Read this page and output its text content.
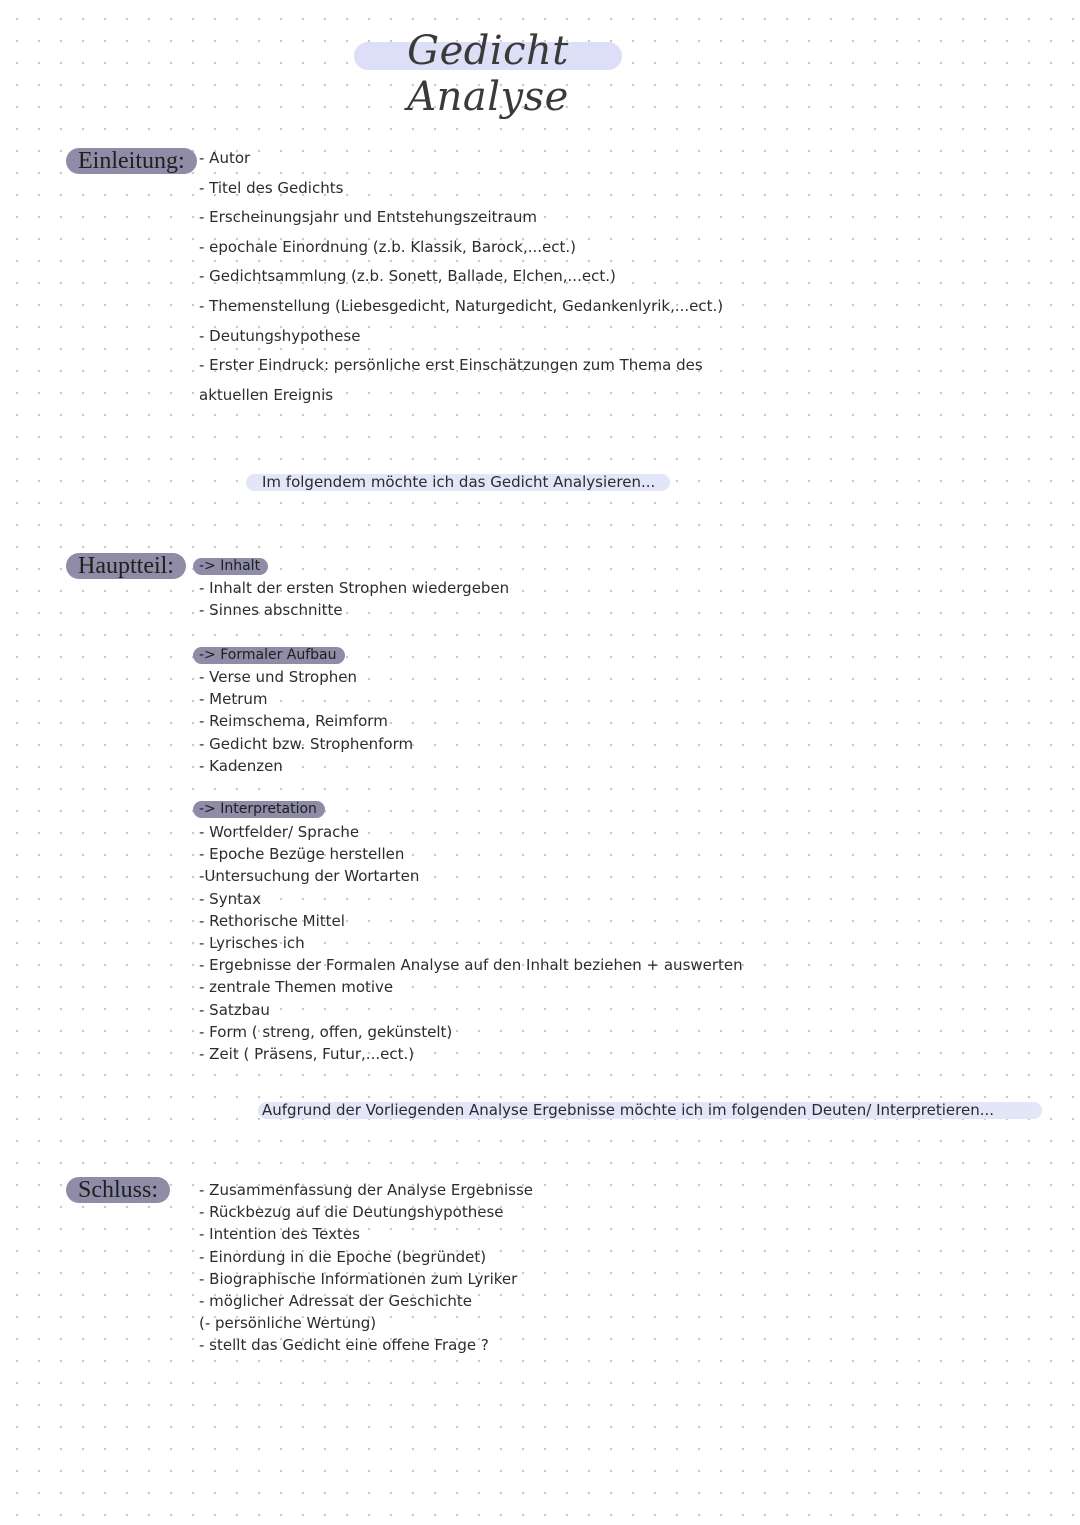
Gedicht Analyse
Einleitung: - Autor
- Titel des Gedichts
- Erscheinungsjahr und Entstehungszeitraum
- epochale Einordnung (z.b. Klassik, Barock,...ect.)
- Gedichtsammlung (z.b. Sonett, Ballade, Elchen,...ect.)
- Themenstellung (Liebesgedicht, Naturgedicht, Gedankenlyrik,...ect.)
- Deutungshypothese
- Erster Eindruck: persönliche erst Einschätzungen zum Thema des
aktuellen Ereignis
Im folgendem möchte ich das Gedicht Analysieren...
Hauptteil:	-> Inhalt
- Inhalt der ersten Strophen wiedergeben
- Sinnes abschnitte
-> Formaler Aufbau
- Verse und Strophen
- Metrum
- Reimschema, Reimform
- Gedicht bzw. Strophenform
- Kadenzen
-> Interpretation
- Wortfelder/ Sprache
- Epoche Bezüge herstellen
-Untersuchung der Wortarten
- Syntax
- Rethorische Mittel
- Lyrisches ich
- Ergebnisse der Formalen Analyse auf den Inhalt beziehen + auswerten
- zentrale Themen motive
- Satzbau
- Form ( streng, offen, gekünstelt)
- Zeit ( Präsens, Futur,...ect.)
Aufgrund der Vorliegenden Analyse Ergebnisse möchte ich im folgenden Deuten/ Interpretieren...
Schluss:	- Zusammenfassung der Analyse Ergebnisse
- Rückbezug auf die Deutungshypothese
- Intention des Textes
- Einordung in die Epoche (begründet)
- Biographische Informationen zum Lyriker
- möglicher Adressat der Geschichte
(- persönliche Wertung)
- stellt das Gedicht eine offene Frage ?
